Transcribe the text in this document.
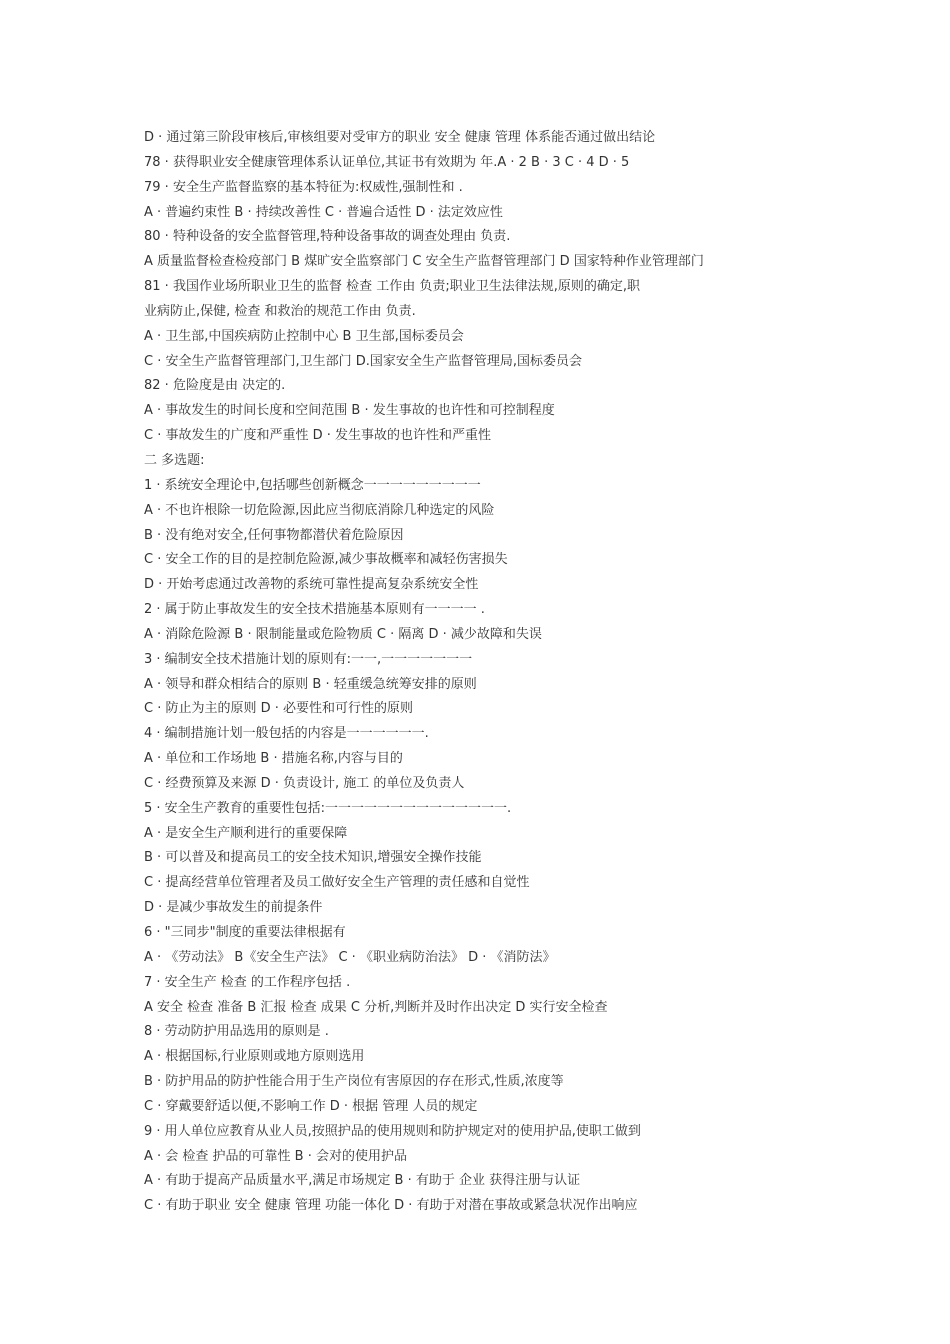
D · 通过第三阶段审核后,审核组要对受审方的职业 安全 健康 管理 体系能否通过做出结论
78 · 获得职业安全健康管理体系认证单位,其证书有效期为 年.A · 2 B · 3 C · 4 D · 5
79 · 安全生产监督监察的基本特征为:权威性,强制性和 .
A · 普遍约束性 B · 持续改善性 C · 普遍合适性 D · 法定效应性
80 · 特种设备的安全监督管理,特种设备事故的调查处理由 负责.
A 质量监督检查检疫部门 B 煤旷安全监察部门 C 安全生产监督管理部门 D 国家特种作业管理部门
81 · 我国作业场所职业卫生的监督 检查 工作由 负责;职业卫生法律法规,原则的确定,职
业病防止,保健, 检查 和救治的规范工作由 负责.
A · 卫生部,中国疾病防止控制中心 B 卫生部,国标委员会
C · 安全生产监督管理部门,卫生部门 D.国家安全生产监督管理局,国标委员会
82 · 危险度是由 决定的.
A · 事故发生的时间长度和空间范围 B · 发生事故的也许性和可控制程度
C · 事故发生的广度和严重性 D · 发生事故的也许性和严重性
二 多选题:
1 · 系统安全理论中,包括哪些创新概念一一一一一一一一一
A · 不也许根除一切危险源,因此应当彻底消除几种选定的风险
B · 没有绝对安全,任何事物都潜伏着危险原因
C · 安全工作的目的是控制危险源,减少事故概率和减轻伤害损失
D · 开始考虑通过改善物的系统可靠性提高复杂系统安全性
2 · 属于防止事故发生的安全技术措施基本原则有一一一一 .
A · 消除危险源 B · 限制能量或危险物质 C · 隔离 D · 减少故障和失误
3 · 编制安全技术措施计划的原则有:一一,一一一一一一一
A · 领导和群众相结合的原则 B · 轻重缓急统筹安排的原则
C · 防止为主的原则 D · 必要性和可行性的原则
4 · 编制措施计划一般包括的内容是一一一一一一.
A · 单位和工作场地 B · 措施名称,内容与目的
C · 经费预算及来源 D · 负责设计, 施工 的单位及负责人
5 · 安全生产教育的重要性包括:一一一一一一一一一一一一一一.
A · 是安全生产顺利进行的重要保障
B · 可以普及和提高员工的安全技术知识,增强安全操作技能
C · 提高经营单位管理者及员工做好安全生产管理的责任感和自觉性
D · 是减少事故发生的前提条件
6 · "三同步"制度的重要法律根据有
A · 《劳动法》 B《安全生产法》 C · 《职业病防治法》 D · 《消防法》
7 · 安全生产 检查 的工作程序包括 .
A 安全 检查 准备 B 汇报 检查 成果 C 分析,判断并及时作出决定 D 实行安全检查
8 · 劳动防护用品选用的原则是 .
A · 根据国标,行业原则或地方原则选用
B · 防护用品的防护性能合用于生产岗位有害原因的存在形式,性质,浓度等
C · 穿戴要舒适以便,不影响工作 D · 根据 管理 人员的规定
9 · 用人单位应教育从业人员,按照护品的使用规则和防护规定对的使用护品,使职工做到
A · 会 检查 护品的可靠性 B · 会对的使用护品
A · 有助于提高产品质量水平,满足市场规定 B · 有助于 企业 获得注册与认证
C · 有助于职业 安全 健康 管理 功能一体化 D · 有助于对潜在事故或紧急状况作出响应
